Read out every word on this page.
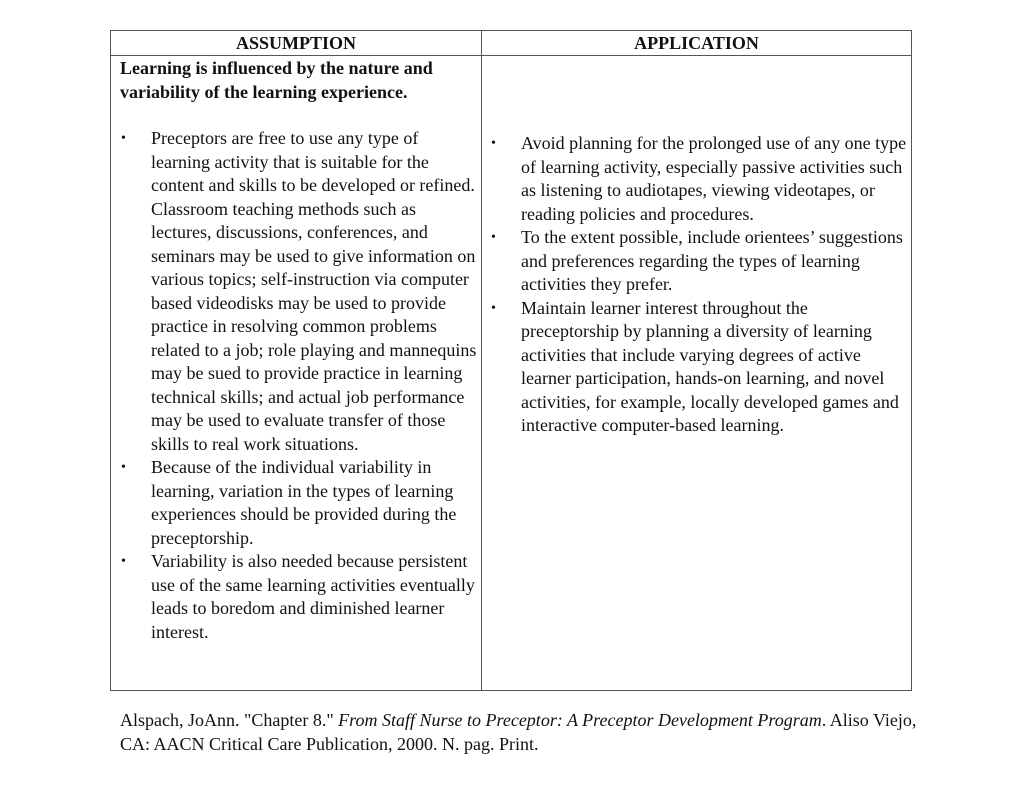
ASSUMPTION	APPLICATION

Learning is influenced by the nature and variability of the learning experience.

• Preceptors are free to use any type of learning activity that is suitable for the content and skills to be developed or refined. Classroom teaching methods such as lectures, discussions, conferences, and seminars may be used to give information on various topics; self-instruction via computer based videodisks may be used to provide practice in resolving common problems related to a job; role playing and mannequins may be sued to provide practice in learning technical skills; and actual job performance may be used to evaluate transfer of those skills to real work situations.
• Because of the individual variability in learning, variation in the types of learning experiences should be provided during the preceptorship.
• Variability is also needed because persistent use of the same learning activities eventually leads to boredom and diminished learner interest.
• Avoid planning for the prolonged use of any one type of learning activity, especially passive activities such as listening to audiotapes, viewing videotapes, or reading policies and procedures.
• To the extent possible, include orientees’ suggestions and preferences regarding the types of learning activities they prefer.
• Maintain learner interest throughout the preceptorship by planning a diversity of learning activities that include varying degrees of active learner participation, hands-on learning, and novel activities, for example, locally developed games and interactive computer-based learning.
Alspach, JoAnn. "Chapter 8." From Staff Nurse to Preceptor: A Preceptor Development Program. Aliso Viejo, CA: AACN Critical Care Publication, 2000. N. pag. Print.
